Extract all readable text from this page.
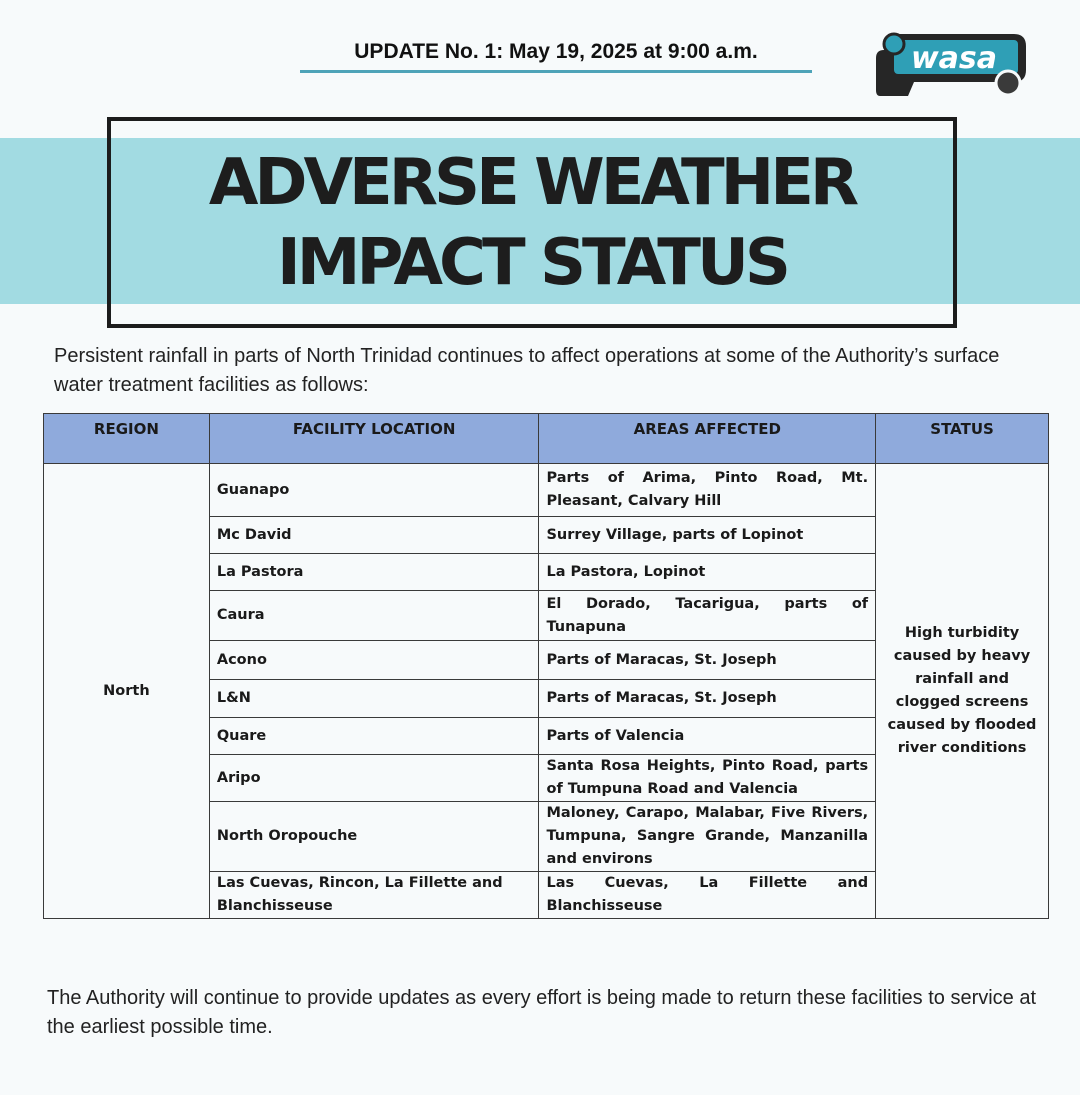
UPDATE No. 1: May 19, 2025 at 9:00 a.m.	wasa
ADVERSE WEATHER
IMPACT STATUS
Persistent rainfall in parts of North Trinidad continues to affect operations at some of the Authority’s surface water treatment facilities as follows:
REGION	FACILITY LOCATION	AREAS AFFECTED	STATUS
North	Guanapo	Parts of Arima, Pinto Road, Mt. Pleasant, Calvary Hill	High turbidity caused by heavy rainfall and clogged screens caused by flooded river conditions
	Mc David	Surrey Village, parts of Lopinot	
	La Pastora	La Pastora, Lopinot	
	Caura	El Dorado, Tacarigua, parts of Tunapuna	
	Acono	Parts of Maracas, St. Joseph	
	L&N	Parts of Maracas, St. Joseph	
	Quare	Parts of Valencia	
	Aripo	Santa Rosa Heights, Pinto Road, parts of Tumpuna Road and Valencia	
	North Oropouche	Maloney, Carapo, Malabar, Five Rivers, Tumpuna, Sangre Grande, Manzanilla and environs	
	Las Cuevas, Rincon, La Fillette and Blanchisseuse	Las Cuevas, La Fillette and Blanchisseuse	
The Authority will continue to provide updates as every effort is being made to return these facilities to service at the earliest possible time.
